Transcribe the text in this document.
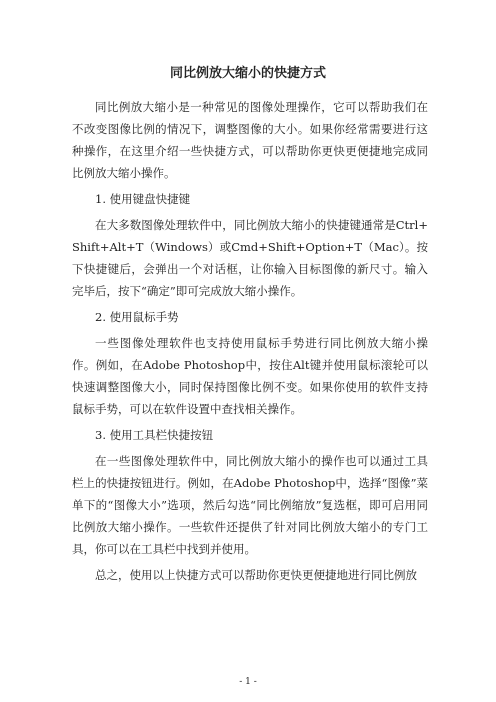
同比例放大缩小的快捷方式

同比例放大缩小是一种常见的图像处理操作，它可以帮助我们在不改变图像比例的情况下，调整图像的大小。如果你经常需要进行这种操作，在这里介绍一些快捷方式，可以帮助你更快更便捷地完成同比例放大缩小操作。

1. 使用键盘快捷键

在大多数图像处理软件中，同比例放大缩小的快捷键通常是Ctrl+Shift+Alt+T（Windows）或Cmd+Shift+Option+T（Mac）。按下快捷键后，会弹出一个对话框，让你输入目标图像的新尺寸。输入完毕后，按下“确定”即可完成放大缩小操作。

2. 使用鼠标手势

一些图像处理软件也支持使用鼠标手势进行同比例放大缩小操作。例如，在Adobe Photoshop中，按住Alt键并使用鼠标滚轮可以快速调整图像大小，同时保持图像比例不变。如果你使用的软件支持鼠标手势，可以在软件设置中查找相关操作。

3. 使用工具栏快捷按钮

在一些图像处理软件中，同比例放大缩小的操作也可以通过工具栏上的快捷按钮进行。例如，在Adobe Photoshop中，选择“图像”菜单下的“图像大小”选项，然后勾选“同比例缩放”复选框，即可启用同比例放大缩小操作。一些软件还提供了针对同比例放大缩小的专门工具，你可以在工具栏中找到并使用。

总之，使用以上快捷方式可以帮助你更快更便捷地进行同比例放

- 1 -
